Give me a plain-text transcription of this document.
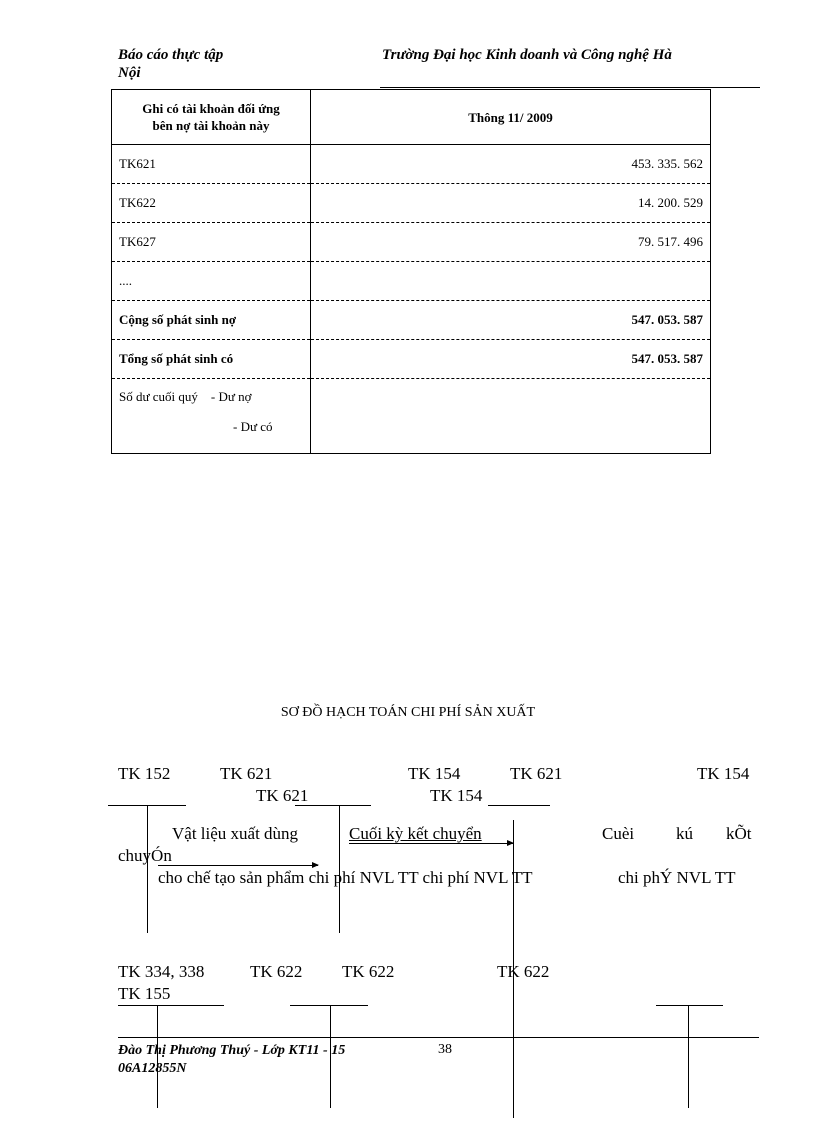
Báo cáo thực tập
Nội
Trường Đại học Kinh doanh và Công nghệ Hà
Ghi có tài khoản đối ứng
bên nợ tài khoản này	Thông 11/ 2009
TK621	453. 335. 562
TK622	14. 200. 529
TK627	79. 517. 496
....	
Cộng số phát sinh nợ	547. 053. 587
Tổng số phát sinh có	547. 053. 587

Số dư cuối quý - Dư nợ
- Dư có	

SƠ ĐỒ HẠCH TOÁN CHI PHÍ SẢN XUẤT
TK 152	TK 621	TK 154	TK 621	TK 154
TK 621	TK 154
Vật liệu xuất dùng	Cuối kỳ kết chuyển	Cuèi kú kÕt
chuyÓn
cho chế tạo sản phẩm chi phí NVL TT chi phí NVL TT	chi phÝ NVL TT
TK 334, 338	TK 622 TK 622	TK 622
TK 155
Đào Thị Phương Thuý - Lớp KT11 - 15	38
06A12855N
